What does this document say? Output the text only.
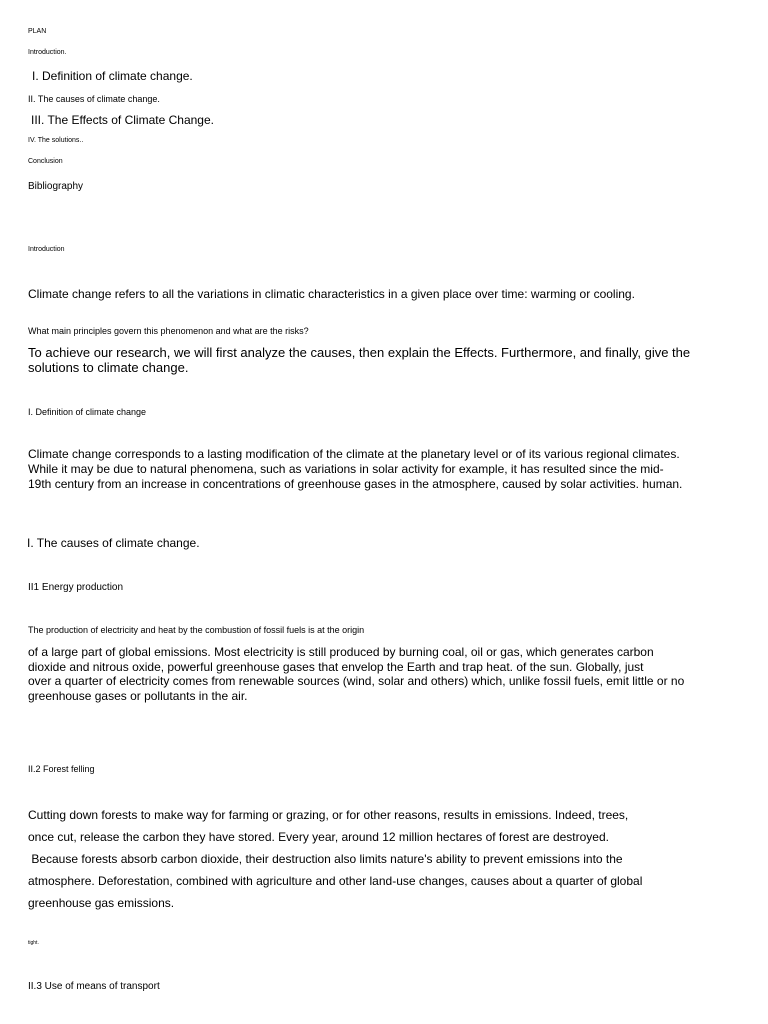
PLAN
Introduction.
I. Definition of climate change.
II. The causes of climate change.
III. The Effects of Climate Change.
IV. The solutions..
Conclusion
Bibliography
Introduction
Climate change refers to all the variations in climatic characteristics in a given place over time: warming or cooling.
What main principles govern this phenomenon and what are the risks?
To achieve our research, we will first analyze the causes, then explain the Effects. Furthermore, and finally, give the
solutions to climate change.
I. Definition of climate change
Climate change corresponds to a lasting modification of the climate at the planetary level or of its various regional climates.
While it may be due to natural phenomena, such as variations in solar activity for example, it has resulted since the mid-
19th century from an increase in concentrations of greenhouse gases in the atmosphere, caused by solar activities. human.
I. The causes of climate change.
II1 Energy production
The production of electricity and heat by the combustion of fossil fuels is at the origin
of a large part of global emissions. Most electricity is still produced by burning coal, oil or gas, which generates carbon
dioxide and nitrous oxide, powerful greenhouse gases that envelop the Earth and trap heat. of the sun. Globally, just
over a quarter of electricity comes from renewable sources (wind, solar and others) which, unlike fossil fuels, emit little or no
greenhouse gases or pollutants in the air.
II.2 Forest felling
Cutting down forests to make way for farming or grazing, or for other reasons, results in emissions. Indeed, trees,
once cut, release the carbon they have stored. Every year, around 12 million hectares of forest are destroyed.
Because forests absorb carbon dioxide, their destruction also limits nature's ability to prevent emissions into the
atmosphere. Deforestation, combined with agriculture and other land-use changes, causes about a quarter of global
greenhouse gas emissions.
tight.
II.3 Use of means of transport
